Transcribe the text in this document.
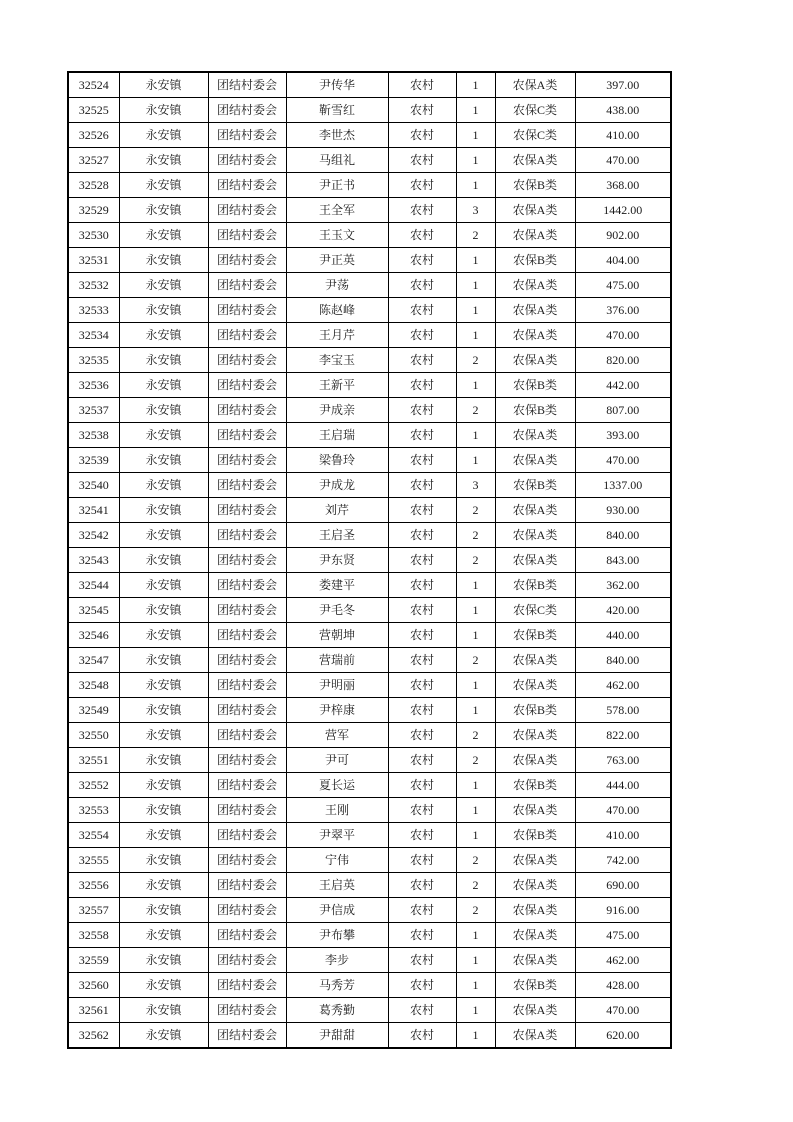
32524	永安镇	团结村委会	尹传华	农村	1	农保A类	397.00
32525	永安镇	团结村委会	靳雪红	农村	1	农保C类	438.00
32526	永安镇	团结村委会	李世杰	农村	1	农保C类	410.00
32527	永安镇	团结村委会	马组礼	农村	1	农保A类	470.00
32528	永安镇	团结村委会	尹正书	农村	1	农保B类	368.00
32529	永安镇	团结村委会	王全军	农村	3	农保A类	1442.00
32530	永安镇	团结村委会	王玉文	农村	2	农保A类	902.00
32531	永安镇	团结村委会	尹正英	农村	1	农保B类	404.00
32532	永安镇	团结村委会	尹荡	农村	1	农保A类	475.00
32533	永安镇	团结村委会	陈赵峰	农村	1	农保A类	376.00
32534	永安镇	团结村委会	王月芹	农村	1	农保A类	470.00
32535	永安镇	团结村委会	李宝玉	农村	2	农保A类	820.00
32536	永安镇	团结村委会	王新平	农村	1	农保B类	442.00
32537	永安镇	团结村委会	尹成亲	农村	2	农保B类	807.00
32538	永安镇	团结村委会	王启瑞	农村	1	农保A类	393.00
32539	永安镇	团结村委会	梁鲁玲	农村	1	农保A类	470.00
32540	永安镇	团结村委会	尹成龙	农村	3	农保B类	1337.00
32541	永安镇	团结村委会	刘芹	农村	2	农保A类	930.00
32542	永安镇	团结村委会	王启圣	农村	2	农保A类	840.00
32543	永安镇	团结村委会	尹东贤	农村	2	农保A类	843.00
32544	永安镇	团结村委会	娄建平	农村	1	农保B类	362.00
32545	永安镇	团结村委会	尹毛冬	农村	1	农保C类	420.00
32546	永安镇	团结村委会	营朝坤	农村	1	农保B类	440.00
32547	永安镇	团结村委会	营瑞前	农村	2	农保A类	840.00
32548	永安镇	团结村委会	尹明丽	农村	1	农保A类	462.00
32549	永安镇	团结村委会	尹梓康	农村	1	农保B类	578.00
32550	永安镇	团结村委会	营军	农村	2	农保A类	822.00
32551	永安镇	团结村委会	尹可	农村	2	农保A类	763.00
32552	永安镇	团结村委会	夏长运	农村	1	农保B类	444.00
32553	永安镇	团结村委会	王刚	农村	1	农保A类	470.00
32554	永安镇	团结村委会	尹翠平	农村	1	农保B类	410.00
32555	永安镇	团结村委会	宁伟	农村	2	农保A类	742.00
32556	永安镇	团结村委会	王启英	农村	2	农保A类	690.00
32557	永安镇	团结村委会	尹信成	农村	2	农保A类	916.00
32558	永安镇	团结村委会	尹布攀	农村	1	农保A类	475.00
32559	永安镇	团结村委会	李步	农村	1	农保A类	462.00
32560	永安镇	团结村委会	马秀芳	农村	1	农保B类	428.00
32561	永安镇	团结村委会	葛秀勤	农村	1	农保A类	470.00
32562	永安镇	团结村委会	尹甜甜	农村	1	农保A类	620.00
